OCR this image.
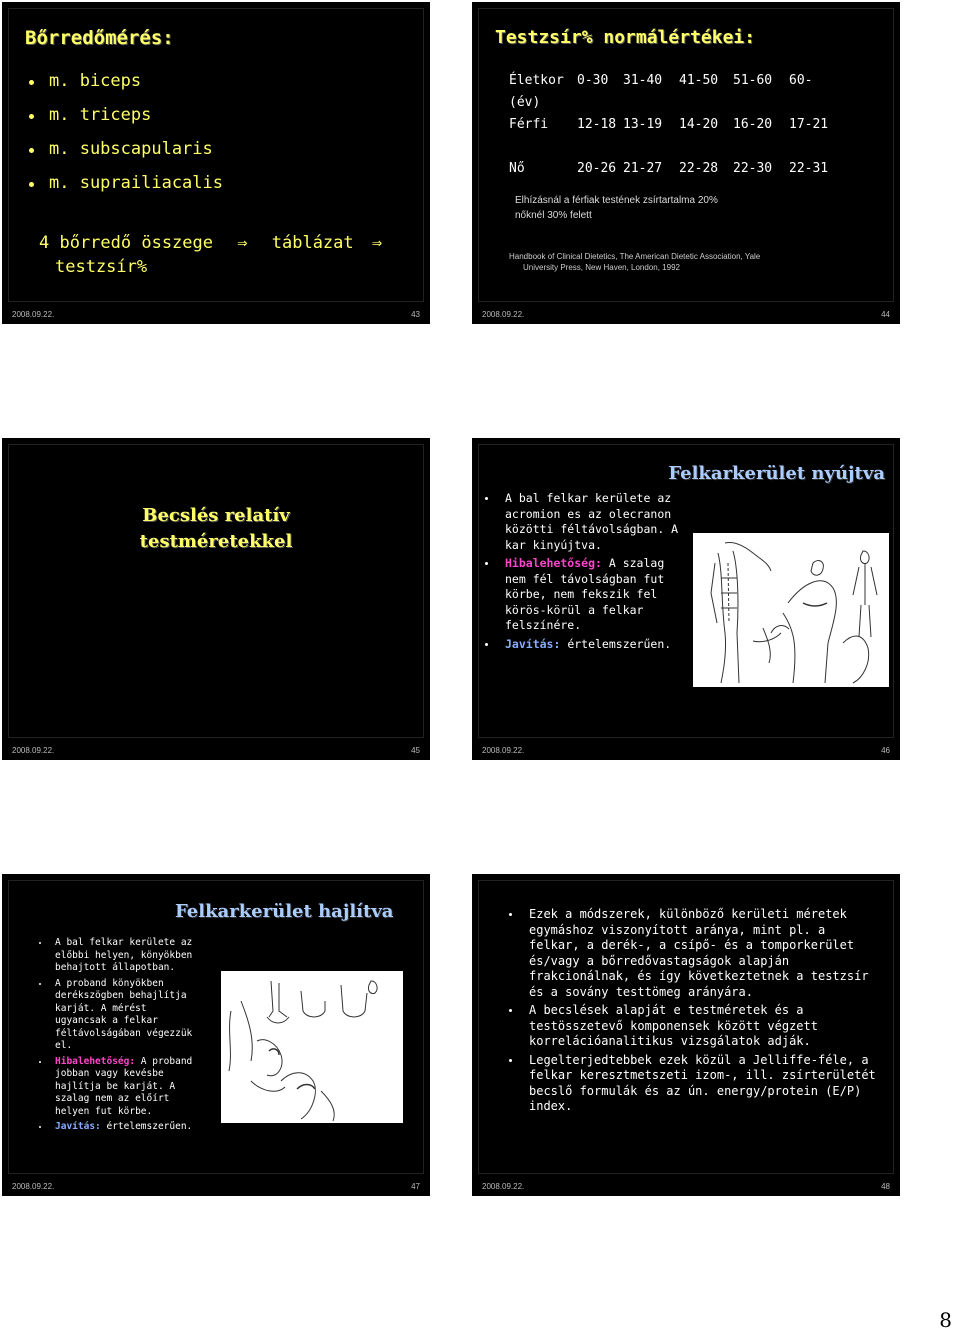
Bőrredőmérés:
m. biceps
m. triceps
m. subscapularis
m. suprailiacalis
4 bőrredő összege ⇒ táblázat ⇒
testzsír%
2008.09.22.	43
Testzsír% normálértékei:
Életkor 0-30 31-40 41-50 51-60 60-
(év)
Férfi 12-18 13-19 14-20 16-20 17-21
Nő	20-26 21-27 22-28 22-30 22-31
Elhízásnál a férfiak testének zsírtartalma 20%
nőknél 30% felett
Handbook of Clinical Dietetics, The American Dietetic Association, Yale
University Press, New Haven, London, 1992
2008.09.22.	44
Becslés relatív
testméretekkel
2008.09.22.	45
Felkarkerület nyújtva
A bal felkar kerülete az acromion es az olecranon közötti féltávolságban. A kar kinyújtva.
Hibalehetőség: A szalag nem fél távolságban fut körbe, nem fekszik fel körös-körül a felkar felszínére.
Javítás: értelemszerűen.
2008.09.22.	46
Felkarkerület hajlítva
A bal felkar kerülete az előbbi helyen, könyökben behajtott állapotban.
A proband könyökben derékszögben behajlítja karját. A mérést ugyancsak a felkar féltávolságában végezzük el.
Hibalehetőség: A proband jobban vagy kevésbe hajlítja be karját. A szalag nem az előírt helyen fut körbe.
Javítás: értelemszerűen.
2008.09.22.	47
Ezek a módszerek, különböző kerületi méretek egymáshoz viszonyított aránya, mint pl. a felkar, a derék-, a csípő- és a tomporkerület és/vagy a bőrredővastagságok alapján frakcionálnak, és így következtetnek a testzsír és a sovány testtömeg arányára.
A becslések alapját e testméretek és a testösszetevő komponensek között végzett korrelációanalitikus vizsgálatok adják.
Legelterjedtebbek ezek közül a Jelliffe-féle, a felkar keresztmetszeti izom-, ill. zsírterületét becslő formulák és az ún. energy/protein (E/P) index.
2008.09.22.	48
8
